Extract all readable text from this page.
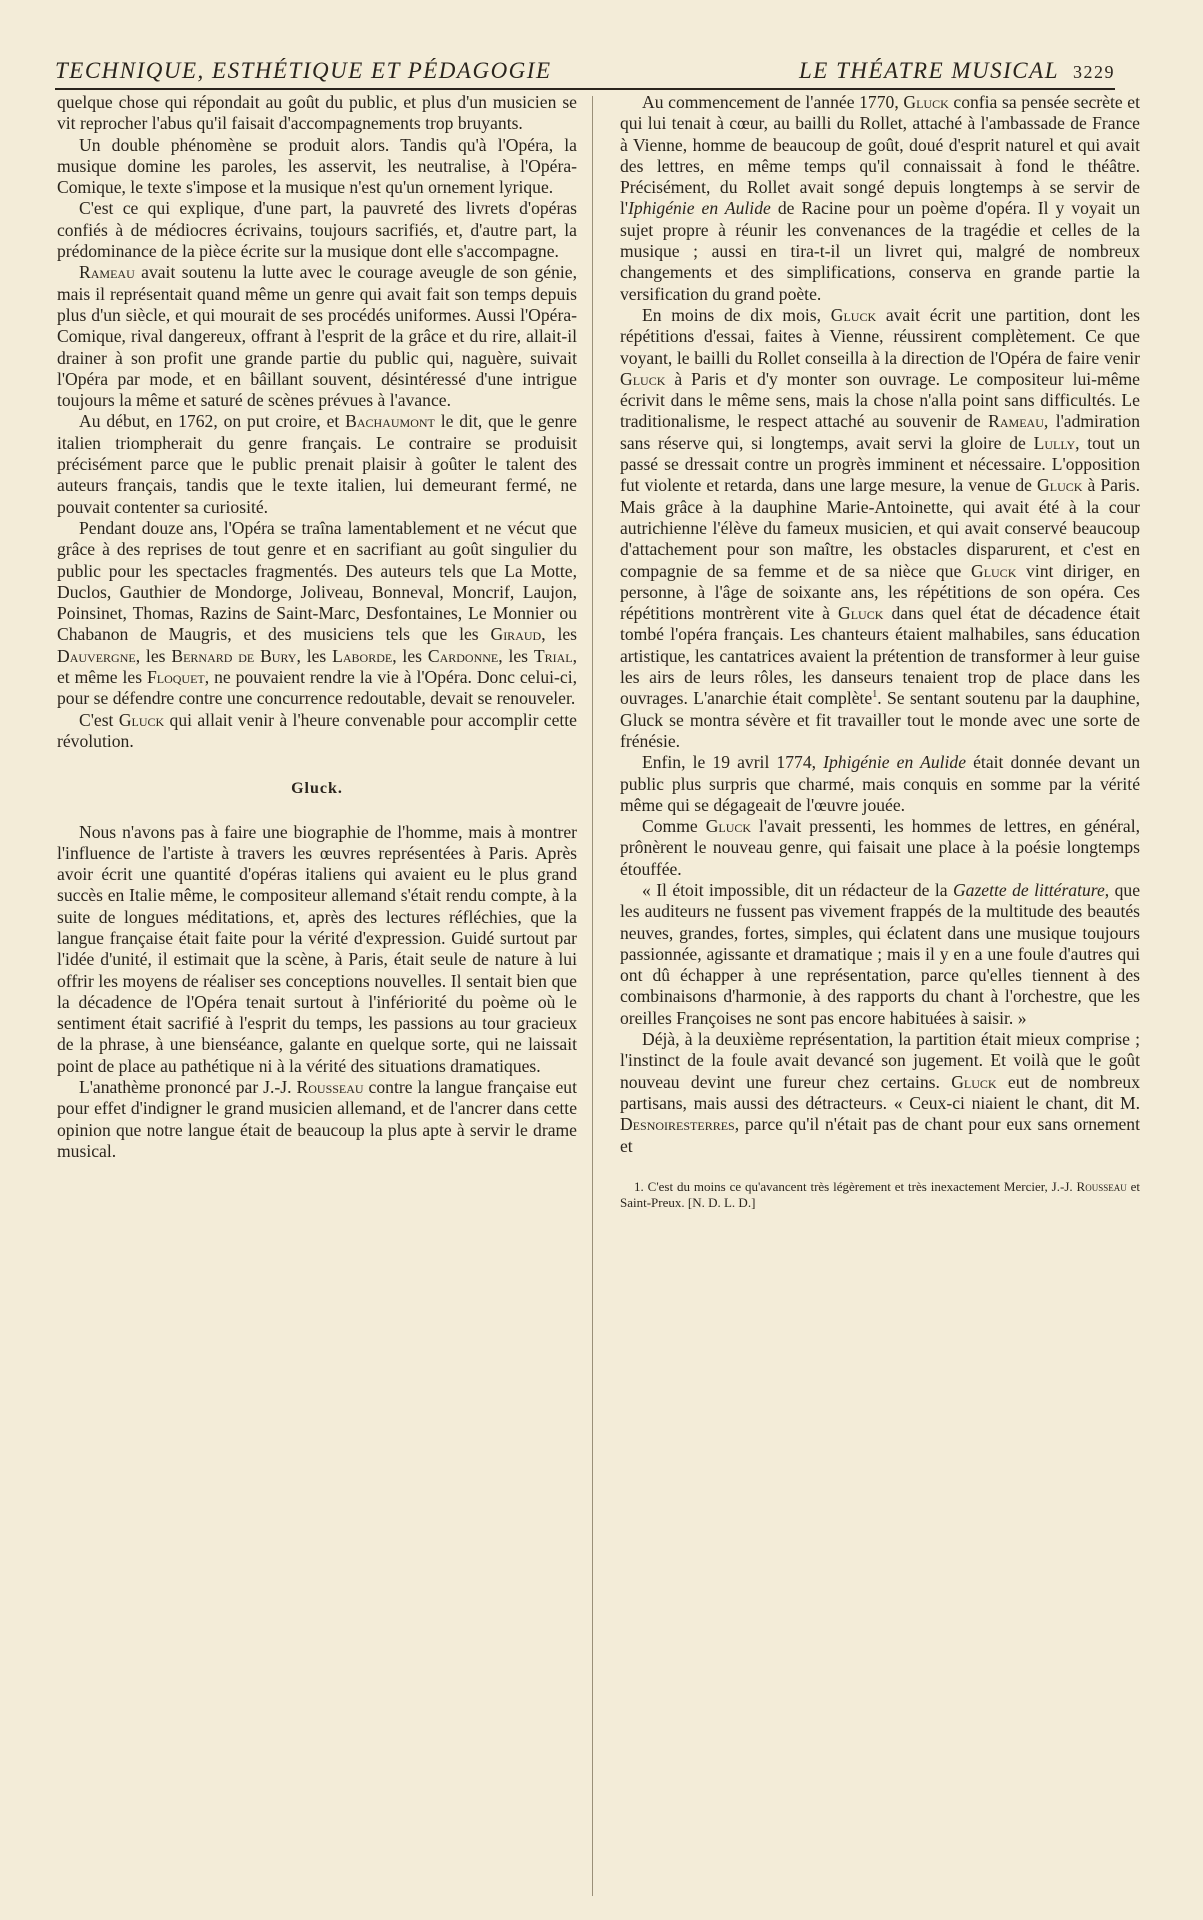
TECHNIQUE, ESTHÉTIQUE ET PÉDAGOGIE	LE THÉATRE MUSICAL 3229

quelque chose qui répondait au goût du public, et plus d'un musicien se vit reprocher l'abus qu'il faisait d'accompagnements trop bruyants.

Un double phénomène se produit alors. Tandis qu'à l'Opéra, la musique domine les paroles, les asservit, les neutralise, à l'Opéra-Comique, le texte s'impose et la musique n'est qu'un ornement lyrique.

C'est ce qui explique, d'une part, la pauvreté des livrets d'opéras confiés à de médiocres écrivains, toujours sacrifiés, et, d'autre part, la prédominance de la pièce écrite sur la musique dont elle s'accompagne.

Rameau avait soutenu la lutte avec le courage aveugle de son génie, mais il représentait quand même un genre qui avait fait son temps depuis plus d'un siècle, et qui mourait de ses procédés uniformes. Aussi l'Opéra-Comique, rival dangereux, offrant à l'esprit de la grâce et du rire, allait-il drainer à son profit une grande partie du public qui, naguère, suivait l'Opéra par mode, et en bâillant souvent, désintéressé d'une intrigue toujours la même et saturé de scènes prévues à l'avance.

Au début, en 1762, on put croire, et Bachaumont le dit, que le genre italien triompherait du genre français. Le contraire se produisit précisément parce que le public prenait plaisir à goûter le talent des auteurs français, tandis que le texte italien, lui demeurant fermé, ne pouvait contenter sa curiosité.

Pendant douze ans, l'Opéra se traîna lamentablement et ne vécut que grâce à des reprises de tout genre et en sacrifiant au goût singulier du public pour les spectacles fragmentés. Des auteurs tels que La Motte, Duclos, Gauthier de Mondorge, Joliveau, Bonneval, Moncrif, Laujon, Poinsinet, Thomas, Razins de Saint-Marc, Desfontaines, Le Monnier ou Chabanon de Maugris, et des musiciens tels que les Giraud, les Dauvergne, les Bernard de Bury, les Laborde, les Cardonne, les Trial, et même les Floquet, ne pouvaient rendre la vie à l'Opéra. Donc celui-ci, pour se défendre contre une concurrence redoutable, devait se renouveler.

C'est Gluck qui allait venir à l'heure convenable pour accomplir cette révolution.

Gluck.

Nous n'avons pas à faire une biographie de l'homme, mais à montrer l'influence de l'artiste à travers les œuvres représentées à Paris. Après avoir écrit une quantité d'opéras italiens qui avaient eu le plus grand succès en Italie même, le compositeur allemand s'était rendu compte, à la suite de longues méditations, et, après des lectures réfléchies, que la langue française était faite pour la vérité d'expression. Guidé surtout par l'idée d'unité, il estimait que la scène, à Paris, était seule de nature à lui offrir les moyens de réaliser ses conceptions nouvelles. Il sentait bien que la décadence de l'Opéra tenait surtout à l'infériorité du poème où le sentiment était sacrifié à l'esprit du temps, les passions au tour gracieux de la phrase, à une bienséance, galante en quelque sorte, qui ne laissait point de place au pathétique ni à la vérité des situations dramatiques.

L'anathème prononcé par J.-J. Rousseau contre la langue française eut pour effet d'indigner le grand musicien allemand, et de l'ancrer dans cette opinion que notre langue était de beaucoup la plus apte à servir le drame musical.

Au commencement de l'année 1770, Gluck confia sa pensée secrète et qui lui tenait à cœur, au bailli du Rollet, attaché à l'ambassade de France à Vienne, homme de beaucoup de goût, doué d'esprit naturel et qui avait des lettres, en même temps qu'il connaissait à fond le théâtre. Précisément, du Rollet avait songé depuis longtemps à se servir de l'Iphigénie en Aulide de Racine pour un poème d'opéra. Il y voyait un sujet propre à réunir les convenances de la tragédie et celles de la musique ; aussi en tira-t-il un livret qui, malgré de nombreux changements et des simplifications, conserva en grande partie la versification du grand poète.

En moins de dix mois, Gluck avait écrit une partition, dont les répétitions d'essai, faites à Vienne, réussirent complètement. Ce que voyant, le bailli du Rollet conseilla à la direction de l'Opéra de faire venir Gluck à Paris et d'y monter son ouvrage. Le compositeur lui-même écrivit dans le même sens, mais la chose n'alla point sans difficultés. Le traditionalisme, le respect attaché au souvenir de Rameau, l'admiration sans réserve qui, si longtemps, avait servi la gloire de Lully, tout un passé se dressait contre un progrès imminent et nécessaire. L'opposition fut violente et retarda, dans une large mesure, la venue de Gluck à Paris. Mais grâce à la dauphine Marie-Antoinette, qui avait été à la cour autrichienne l'élève du fameux musicien, et qui avait conservé beaucoup d'attachement pour son maître, les obstacles disparurent, et c'est en compagnie de sa femme et de sa nièce que Gluck vint diriger, en personne, à l'âge de soixante ans, les répétitions de son opéra. Ces répétitions montrèrent vite à Gluck dans quel état de décadence était tombé l'opéra français. Les chanteurs étaient malhabiles, sans éducation artistique, les cantatrices avaient la prétention de transformer à leur guise les airs de leurs rôles, les danseurs tenaient trop de place dans les ouvrages. L'anarchie était complète$^1$. Se sentant soutenu par la dauphine, Gluck se montra sévère et fit travailler tout le monde avec une sorte de frénésie.

Enfin, le 19 avril 1774, Iphigénie en Aulide était donnée devant un public plus surpris que charmé, mais conquis en somme par la vérité même qui se dégageait de l'œuvre jouée.

Comme Gluck l'avait pressenti, les hommes de lettres, en général, prônèrent le nouveau genre, qui faisait une place à la poésie longtemps étouffée.

« Il étoit impossible, dit un rédacteur de la Gazette de littérature, que les auditeurs ne fussent pas vivement frappés de la multitude des beautés neuves, grandes, fortes, simples, qui éclatent dans une musique toujours passionnée, agissante et dramatique ; mais il y en a une foule d'autres qui ont dû échapper à une représentation, parce qu'elles tiennent à des combinaisons d'harmonie, à des rapports du chant à l'orchestre, que les oreilles Françoises ne sont pas encore habituées à saisir. »

Déjà, à la deuxième représentation, la partition était mieux comprise ; l'instinct de la foule avait devancé son jugement. Et voilà que le goût nouveau devint une fureur chez certains. Gluck eut de nombreux partisans, mais aussi des détracteurs. « Ceux-ci niaient le chant, dit M. Desnoiresterres, parce qu'il n'était pas de chant pour eux sans ornement et

1. C'est du moins ce qu'avancent très légèrement et très inexactement Mercier, J.-J. Rousseau et Saint-Preux. [N. D. L. D.]
